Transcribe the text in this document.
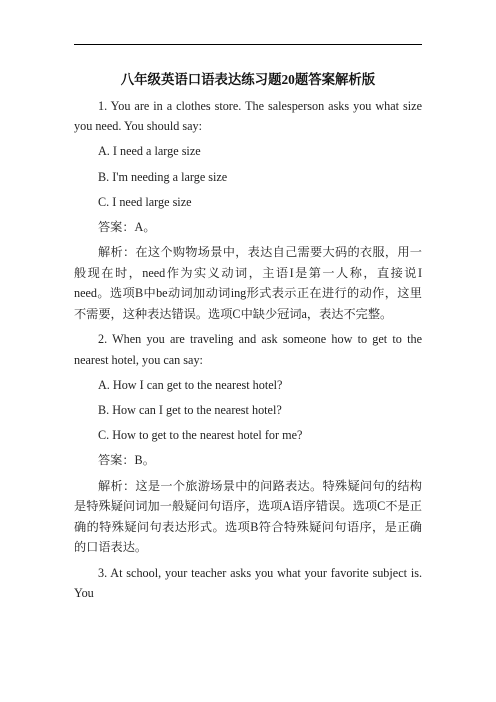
八年级英语口语表达练习题20题答案解析版

1. You are in a clothes store. The salesperson asks you what size you need. You should say:

A. I need a large size

B. I'm needing a large size

C. I need large size

答案：A。

解析：在这个购物场景中，表达自己需要大码的衣服，用一般现在时，need作为实义动词，主语I是第一人称，直接说I need。选项B中be动词加动词ing形式表示正在进行的动作，这里不需要，这种表达错误。选项C中缺少冠词a，表达不完整。

2. When you are traveling and ask someone how to get to the nearest hotel, you can say:

A. How I can get to the nearest hotel?

B. How can I get to the nearest hotel?

C. How to get to the nearest hotel for me?

答案：B。

解析：这是一个旅游场景中的问路表达。特殊疑问句的结构是特殊疑问词加一般疑问句语序，选项A语序错误。选项C不是正确的特殊疑问句表达形式。选项B符合特殊疑问句语序，是正确的口语表达。

3. At school, your teacher asks you what your favorite subject is. You
